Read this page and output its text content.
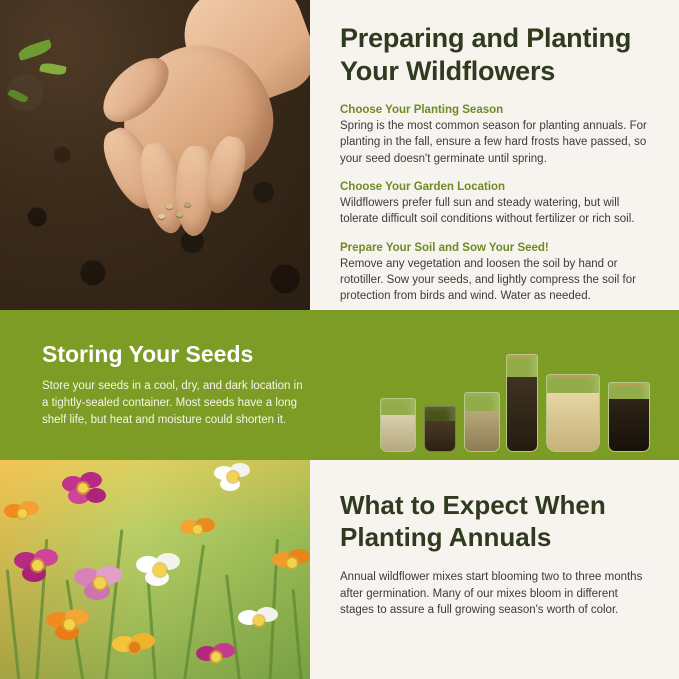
Preparing and Planting Your Wildflowers

Choose Your Planting Season

Spring is the most common season for planting annuals. For planting in the fall, ensure a few hard frosts have passed, so your seed doesn't germinate until spring.

Choose Your Garden Location

Wildflowers prefer full sun and steady watering, but will tolerate difficult soil conditions without fertilizer or rich soil.

Prepare Your Soil and Sow Your Seed!

Remove any vegetation and loosen the soil by hand or rototiller. Sow your seeds, and lightly compress the soil for protection from birds and wind. Water as needed.

Storing Your Seeds

Store your seeds in a cool, dry, and dark location in a tightly-sealed container. Most seeds have a long shelf life, but heat and moisture could shorten it.

What to Expect When Planting Annuals

Annual wildflower mixes start blooming two to three months after germination. Many of our mixes bloom in different stages to assure a full growing season's worth of color.
